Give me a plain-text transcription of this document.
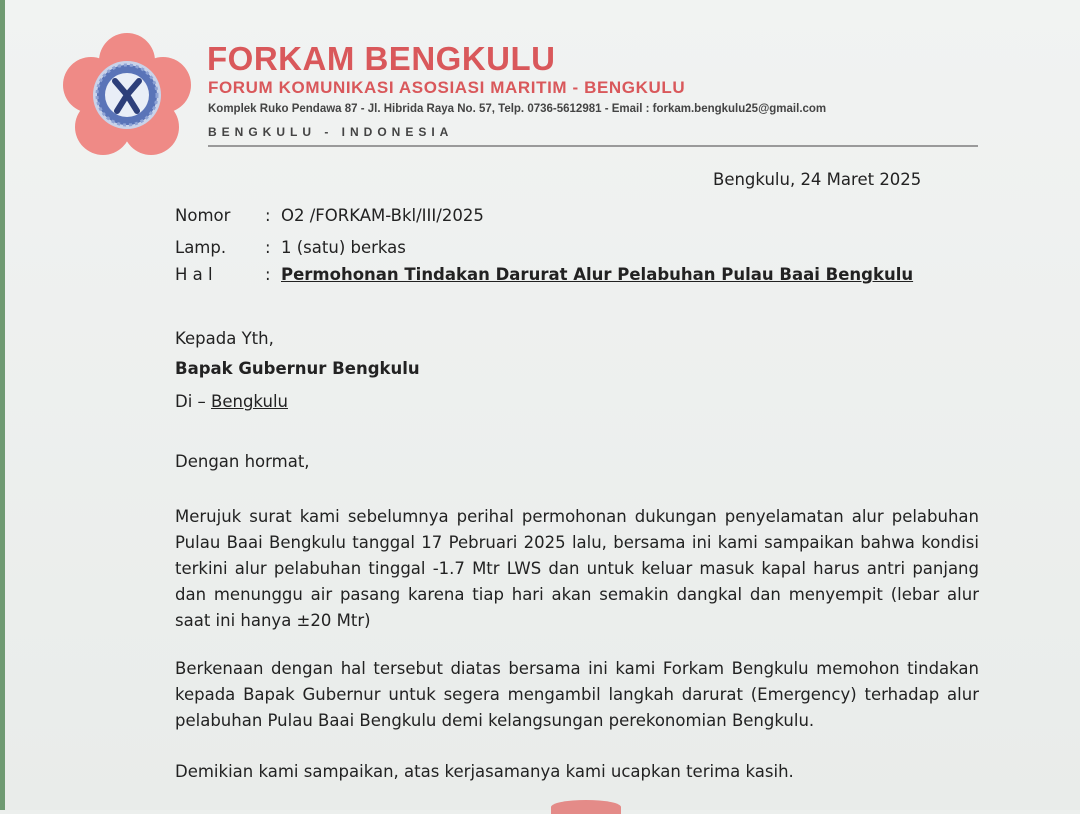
FORKAM BENGKULU
FORUM KOMUNIKASI ASOSIASI MARITIM - BENGKULU
Komplek Ruko Pendawa 87 - Jl. Hibrida Raya No. 57, Telp. 0736-5612981 - Email : forkam.bengkulu25@gmail.com
BENGKULU - INDONESIA
Bengkulu, 24 Maret 2025
Nomor : O2 /FORKAM-Bkl/III/2025
Lamp. : 1 (satu) berkas
H a l	: Permohonan Tindakan Darurat Alur Pelabuhan Pulau Baai Bengkulu
Kepada Yth,
Bapak Gubernur Bengkulu
Di – Bengkulu
Dengan hormat,
Merujuk surat kami sebelumnya perihal permohonan dukungan penyelamatan alur pelabuhan Pulau Baai Bengkulu tanggal 17 Pebruari 2025 lalu, bersama ini kami sampaikan bahwa kondisi terkini alur pelabuhan tinggal -1.7 Mtr LWS dan untuk keluar masuk kapal harus antri panjang dan menunggu air pasang karena tiap hari akan semakin dangkal dan menyempit (lebar alur saat ini hanya ±20 Mtr)
Berkenaan dengan hal tersebut diatas bersama ini kami Forkam Bengkulu memohon tindakan kepada Bapak Gubernur untuk segera mengambil langkah darurat (Emergency) terhadap alur pelabuhan Pulau Baai Bengkulu demi kelangsungan perekonomian Bengkulu.
Demikian kami sampaikan, atas kerjasamanya kami ucapkan terima kasih.
